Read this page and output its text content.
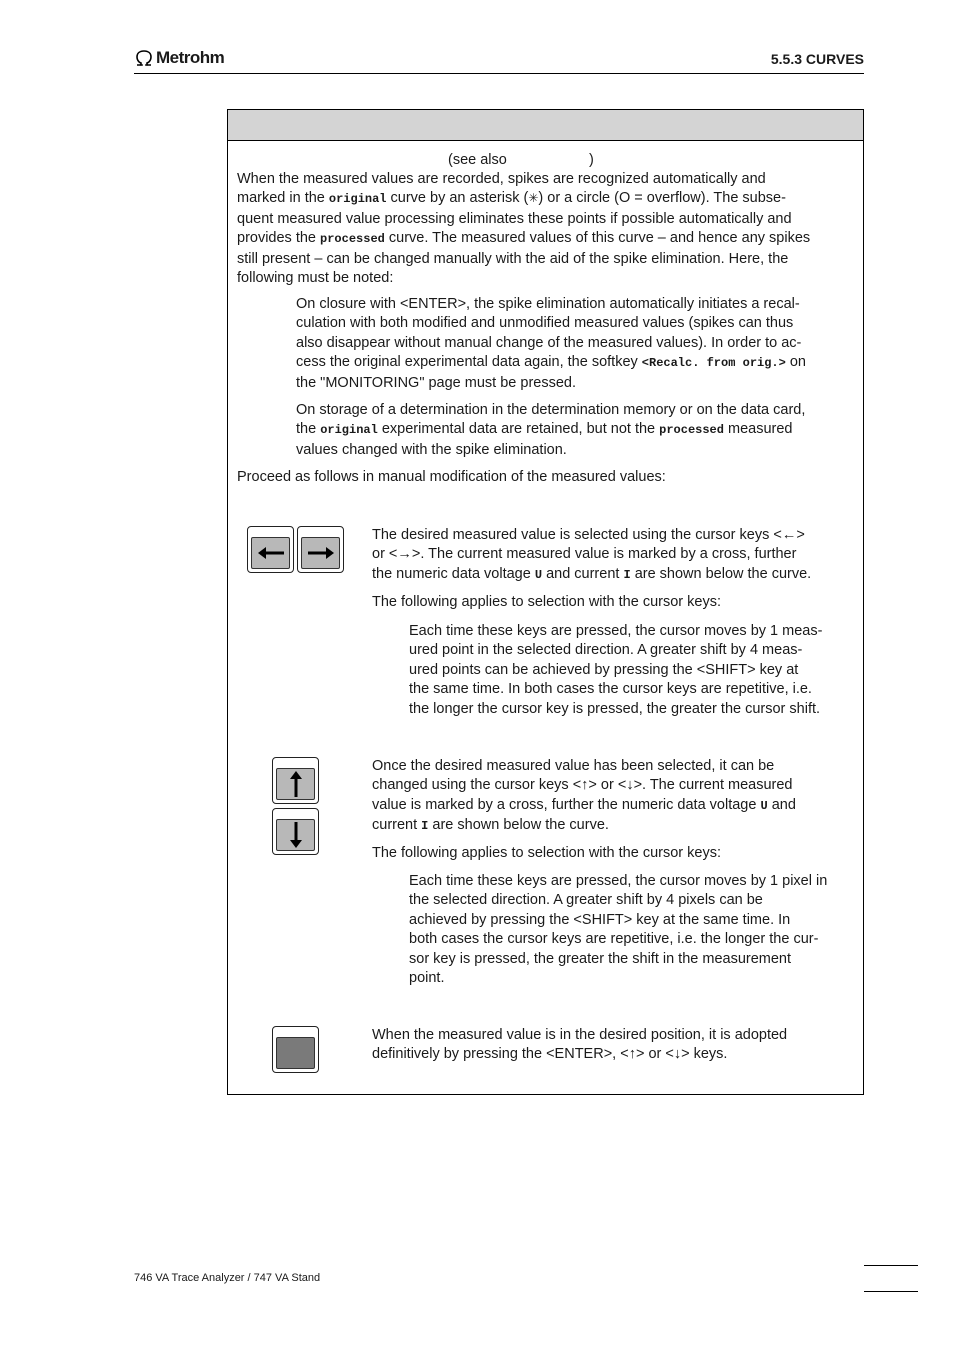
Metrohm	5.5.3 CURVES
(see also	)
When the measured values are recorded, spikes are recognized automatically and
marked in the original curve by an asterisk (✳) or a circle (O = overflow). The subse-
quent measured value processing eliminates these points if possible automatically and
provides the processed curve. The measured values of this curve – and hence any spikes
still present – can be changed manually with the aid of the spike elimination. Here, the
following must be noted:
On closure with <ENTER>, the spike elimination automatically initiates a recal-
culation with both modified and unmodified measured values (spikes can thus
also disappear without manual change of the measured values). In order to ac-
cess the original experimental data again, the softkey <Recalc. from orig.> on
the "MONITORING" page must be pressed.
On storage of a determination in the determination memory or on the data card,
the original experimental data are retained, but not the processed measured
values changed with the spike elimination.
Proceed as follows in manual modification of the measured values:
The desired measured value is selected using the cursor keys <←>
or <→>. The current measured value is marked by a cross, further
the numeric data voltage U and current I are shown below the curve.
The following applies to selection with the cursor keys:
Each time these keys are pressed, the cursor moves by 1 meas-
ured point in the selected direction. A greater shift by 4 meas-
ured points can be achieved by pressing the <SHIFT> key at
the same time. In both cases the cursor keys are repetitive, i.e.
the longer the cursor key is pressed, the greater the cursor shift.
Once the desired measured value has been selected, it can be
changed using the cursor keys <↑> or <↓>. The current measured
value is marked by a cross, further the numeric data voltage U and
current I are shown below the curve.
The following applies to selection with the cursor keys:
Each time these keys are pressed, the cursor moves by 1 pixel in
the selected direction. A greater shift by 4 pixels can be
achieved by pressing the <SHIFT> key at the same time. In
both cases the cursor keys are repetitive, i.e. the longer the cur-
sor key is pressed, the greater the shift in the measurement
point.
When the measured value is in the desired position, it is adopted
definitively by pressing the <ENTER>, <↑> or <↓> keys.
746 VA Trace Analyzer / 747 VA Stand
